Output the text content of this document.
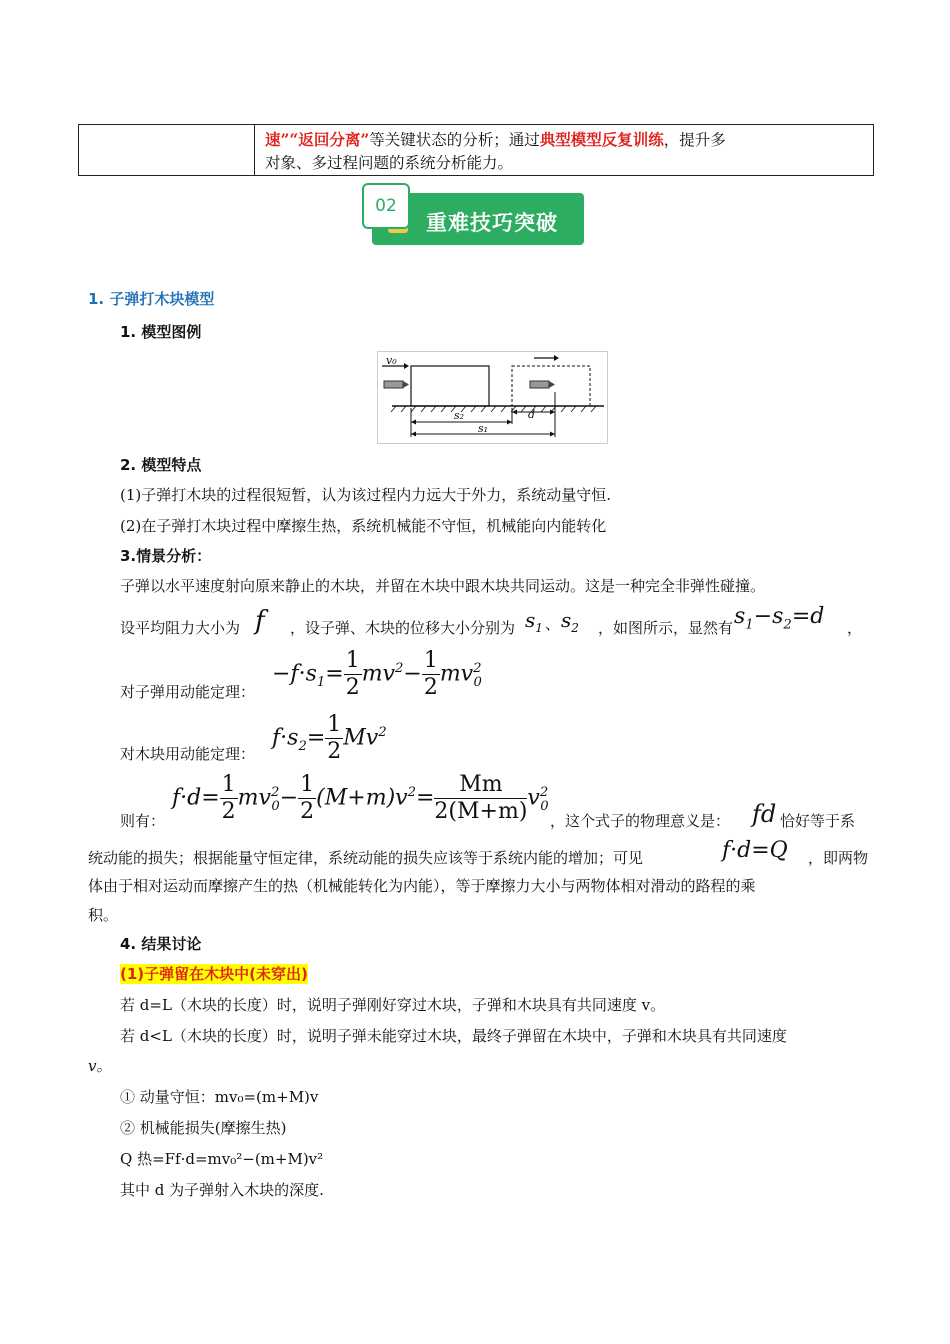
速”“返回分离”等关键状态的分析；通过典型模型反复训练，提升多
对象、多过程问题的系统分析能力。
02
重难技巧突破
1. 子弹打木块模型
1. 模型图例
v₀
s₂	d
s₁
2. 模型特点
(1)子弹打木块的过程很短暂，认为该过程内力远大于外力，系统动量守恒.
(2)在子弹打木块过程中摩擦生热，系统机械能不守恒，机械能向内能转化
3.情景分析：
子弹以水平速度射向原来静止的木块，并留在木块中跟木块共同运动。这是一种完全非弹性碰撞。
设平均阻力大小为 f ，设子弹、木块的位移大小分别为 $s_1$ 、 $s_2$ ，如图所示，显然有 $s_1-s_2=d$ ，
$-f\cdot s_1= \frac{1}{2} mv^2- \frac{1}{2} mv^2_0$
对子弹用动能定理：
$f\cdot s_2= \frac{1}{2} Mv^2$
对木块用动能定理：
$f\cdot d= \frac{1}{2} mv^2_0- \frac{1}{2} (M+m)v^2= \frac{Mm}{2(M+m)} v^2_0$
则有：	，这个式子的物理意义是： fd 恰好等于系
统动能的损失；根据能量守恒定律，系统动能的损失应该等于系统内能的增加；可见	f·d=Q ，即两物
体由于相对运动而摩擦产生的热（机械能转化为内能），等于摩擦力大小与两物体相对滑动的路程的乘
积。
4. 结果讨论
(1)子弹留在木块中(未穿出)
若 d=L（木块的长度）时，说明子弹刚好穿过木块，子弹和木块具有共同速度 v。
若 d<L（木块的长度）时，说明子弹未能穿过木块，最终子弹留在木块中，子弹和木块具有共同速度
v。
① 动量守恒：mv₀=(m+M)v
② 机械能损失(摩擦生热)
Q 热=Ff·d=mv₀²−(m+M)v²
其中 d 为子弹射入木块的深度.
